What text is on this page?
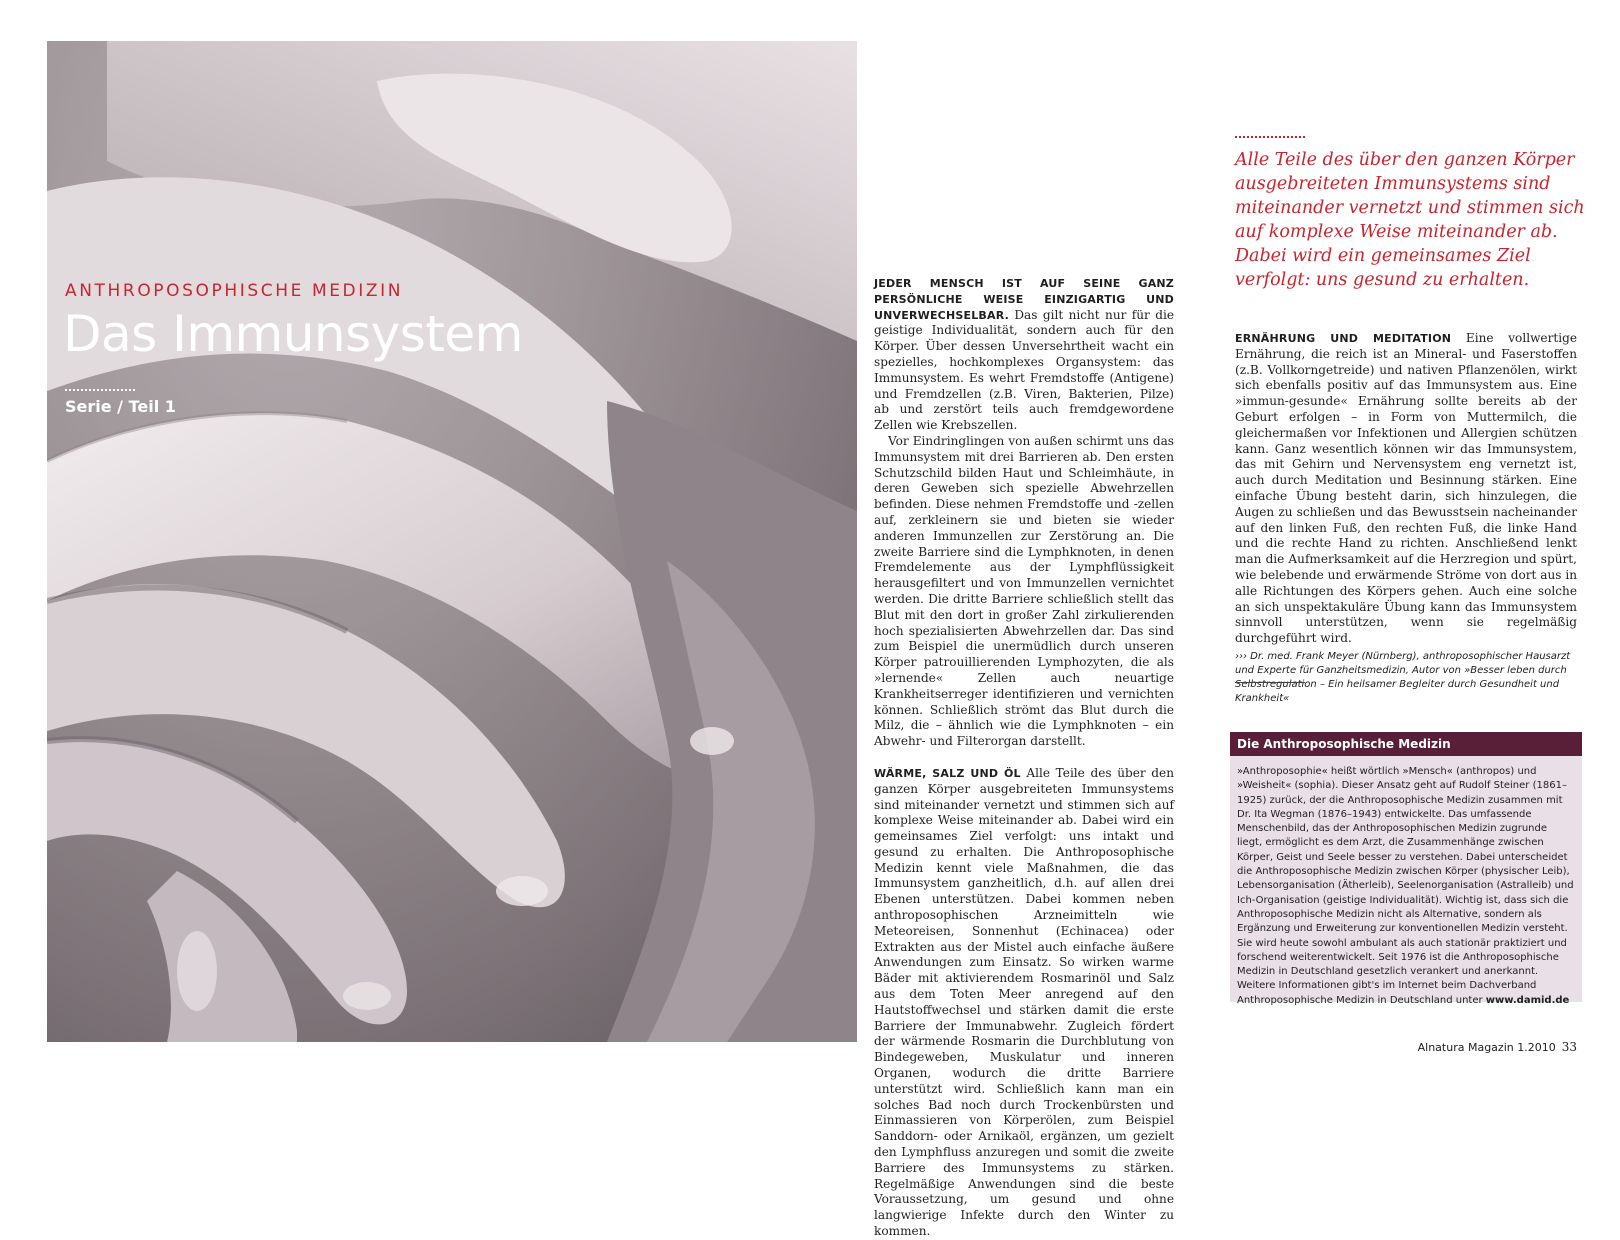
ANTHROPOSOPHISCHE MEDIZIN

Das Immunsystem

Serie / Teil 1

JEDER MENSCH IST AUF SEINE GANZ PERSÖNLICHE WEISE EINZIGARTIG UND UNVERWECHSELBAR. Das gilt nicht nur für die geistige Individualität, sondern auch für den Körper. Über dessen Unversehrtheit wacht ein spezielles, hochkomplexes Organsystem: das Immunsystem. Es wehrt Fremdstoffe (Antigene) und Fremdzellen (z.B. Viren, Bakterien, Pilze) ab und zerstört teils auch fremdgewordene Zellen wie Krebszellen.

Vor Eindringlingen von außen schirmt uns das Immunsystem mit drei Barrieren ab. Den ersten Schutzschild bilden Haut und Schleimhäute, in deren Geweben sich spezielle Abwehrzellen befinden. Diese nehmen Fremdstoffe und -zellen auf, zerkleinern sie und bieten sie wieder anderen Immunzellen zur Zerstörung an. Die zweite Barriere sind die Lymphknoten, in denen Fremdelemente aus der Lymphflüssigkeit herausgefiltert und von Immunzellen vernichtet werden. Die dritte Barriere schließlich stellt das Blut mit den dort in großer Zahl zirkulierenden hoch spezialisierten Abwehrzellen dar. Das sind zum Beispiel die unermüdlich durch unseren Körper patrouillierenden Lymphozyten, die als »lernende« Zellen auch neuartige Krankheitserreger identifizieren und vernichten können. Schließlich strömt das Blut durch die Milz, die – ähnlich wie die Lymphknoten – ein Abwehr- und Filterorgan darstellt.

WÄRME, SALZ UND ÖL Alle Teile des über den ganzen Körper ausgebreiteten Immunsystems sind miteinander vernetzt und stimmen sich auf komplexe Weise miteinander ab. Dabei wird ein gemeinsames Ziel verfolgt: uns intakt und gesund zu erhalten. Die Anthroposophische Medizin kennt viele Maßnahmen, die das Immunsystem ganzheitlich, d.h. auf allen drei Ebenen unterstützen. Dabei kommen neben anthroposophischen Arzneimitteln wie Meteoreisen, Sonnenhut (Echinacea) oder Extrakten aus der Mistel auch einfache äußere Anwendungen zum Einsatz. So wirken warme Bäder mit aktivierendem Rosmarinöl und Salz aus dem Toten Meer anregend auf den Hautstoffwechsel und stärken damit die erste Barriere der Immunabwehr. Zugleich fördert der wärmende Rosmarin die Durchblutung von Bindegeweben, Muskulatur und inneren Organen, wodurch die dritte Barriere unterstützt wird. Schließlich kann man ein solches Bad noch durch Trockenbürsten und Einmassieren von Körperölen, zum Beispiel Sanddorn- oder Arnikaöl, ergänzen, um gezielt den Lymphfluss anzuregen und somit die zweite Barriere des Immunsystems zu stärken. Regelmäßige Anwendungen sind die beste Voraussetzung, um gesund und ohne langwierige Infekte durch den Winter zu kommen.

Alle Teile des über den ganzen Körper ausgebreiteten Immunsystems sind miteinander vernetzt und stimmen sich auf komplexe Weise miteinander ab. Dabei wird ein gemeinsames Ziel verfolgt: uns gesund zu erhalten.

ERNÄHRUNG UND MEDITATION Eine vollwertige Ernährung, die reich ist an Mineral- und Faserstoffen (z.B. Vollkorngetreide) und nativen Pflanzenölen, wirkt sich ebenfalls positiv auf das Immunsystem aus. Eine »immun-gesunde« Ernährung sollte bereits ab der Geburt erfolgen – in Form von Muttermilch, die gleichermaßen vor Infektionen und Allergien schützen kann. Ganz wesentlich können wir das Immunsystem, das mit Gehirn und Nervensystem eng vernetzt ist, auch durch Meditation und Besinnung stärken. Eine einfache Übung besteht darin, sich hinzulegen, die Augen zu schließen und das Bewusstsein nacheinander auf den linken Fuß, den rechten Fuß, die linke Hand und die rechte Hand zu richten. Anschließend lenkt man die Aufmerksamkeit auf die Herzregion und spürt, wie belebende und erwärmende Ströme von dort aus in alle Richtungen des Körpers gehen. Auch eine solche an sich unspektakuläre Übung kann das Immunsystem sinnvoll unterstützen, wenn sie regelmäßig durchgeführt wird.

››› Dr. med. Frank Meyer (Nürnberg), anthroposophischer Hausarzt und Experte für Ganzheitsmedizin, Autor von »Besser leben durch Selbstregulation – Ein heilsamer Begleiter durch Gesundheit und Krankheit«

Die Anthroposophische Medizin

»Anthroposophie« heißt wörtlich »Mensch« (anthropos) und »Weisheit« (sophia). Dieser Ansatz geht auf Rudolf Steiner (1861–1925) zurück, der die Anthroposophische Medizin zusammen mit Dr. Ita Wegman (1876–1943) entwickelte. Das umfassende Menschenbild, das der Anthroposophischen Medizin zugrunde liegt, ermöglicht es dem Arzt, die Zusammenhänge zwischen Körper, Geist und Seele besser zu verstehen. Dabei unterscheidet die Anthroposophische Medizin zwischen Körper (physischer Leib), Lebensorganisation (Ätherleib), Seelenorganisation (Astralleib) und Ich-Organisation (geistige Individualität). Wichtig ist, dass sich die Anthroposophische Medizin nicht als Alternative, sondern als Ergänzung und Erweiterung zur konventionellen Medizin versteht. Sie wird heute sowohl ambulant als auch stationär praktiziert und forschend weiterentwickelt. Seit 1976 ist die Anthroposophische Medizin in Deutschland gesetzlich verankert und anerkannt. Weitere Informationen gibt's im Internet beim Dachverband Anthroposophische Medizin in Deutschland unter www.damid.de

Alnatura Magazin 1.2010 33
